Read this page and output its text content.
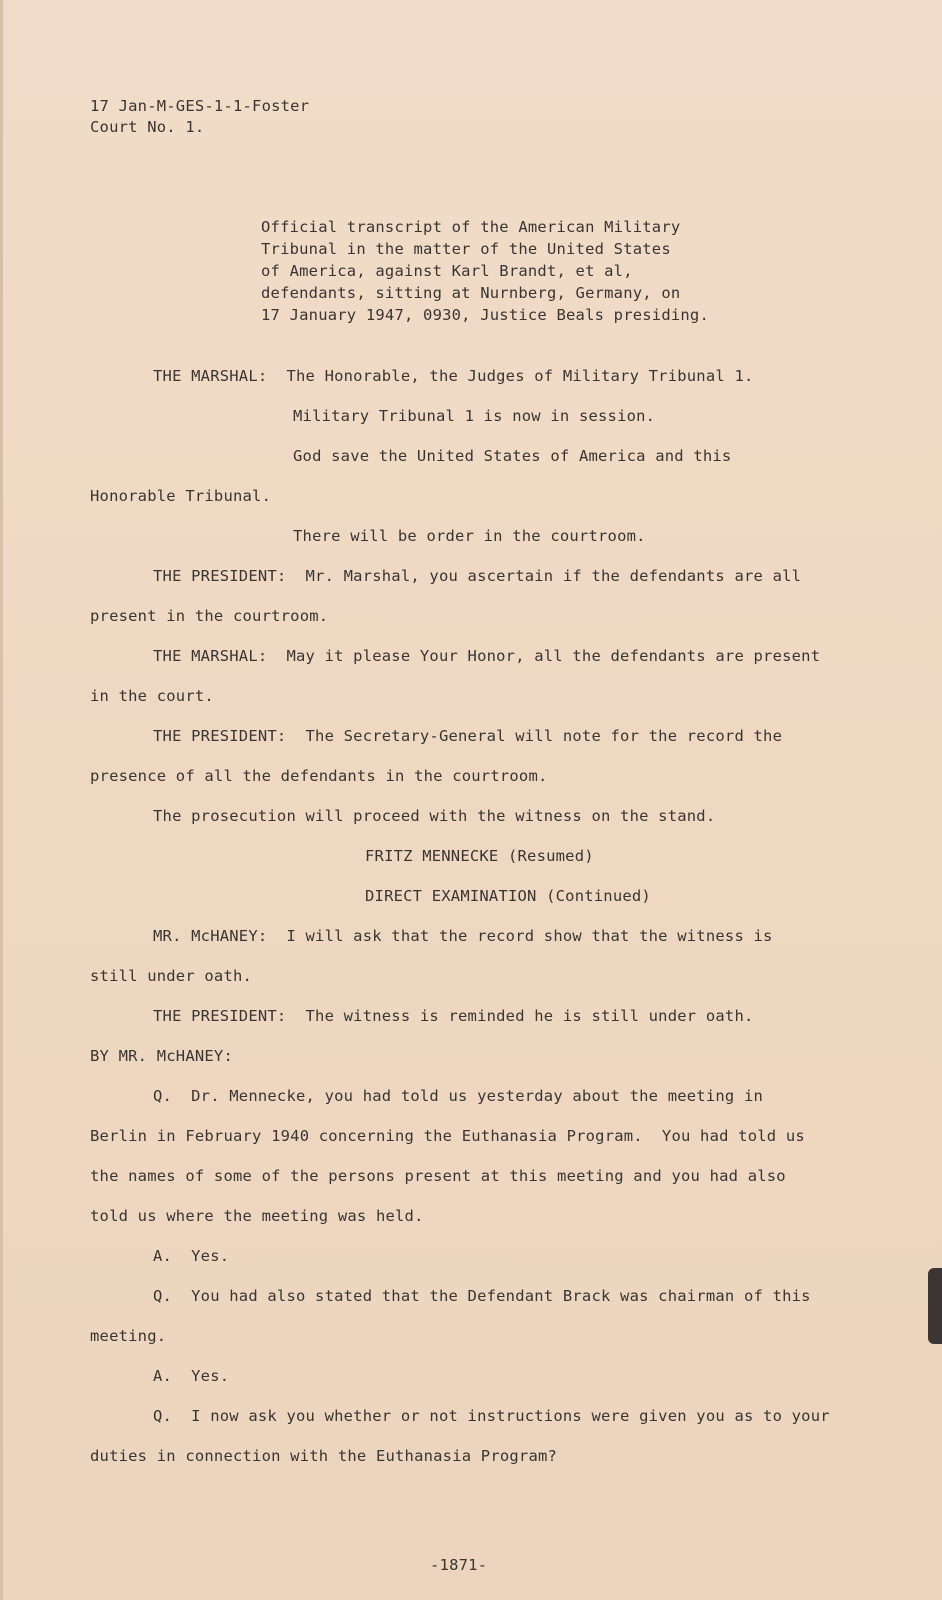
17 Jan-M-GES-1-1-Foster
Court No. 1.
Official transcript of the American Military
Tribunal in the matter of the United States
of America, against Karl Brandt, et al,
defendants, sitting at Nurnberg, Germany, on
17 January 1947, 0930, Justice Beals presiding.
THE MARSHAL:  The Honorable, the Judges of Military Tribunal 1.
Military Tribunal 1 is now in session.
God save the United States of America and this
Honorable Tribunal.
There will be order in the courtroom.
THE PRESIDENT:  Mr. Marshal, you ascertain if the defendants are all
present in the courtroom.
THE MARSHAL:  May it please Your Honor, all the defendants are present
in the court.
THE PRESIDENT:  The Secretary-General will note for the record the
presence of all the defendants in the courtroom.
The prosecution will proceed with the witness on the stand.
FRITZ MENNECKE (Resumed)
DIRECT EXAMINATION (Continued)
MR. McHANEY:  I will ask that the record show that the witness is
still under oath.
THE PRESIDENT:  The witness is reminded he is still under oath.
BY MR. McHANEY:
Q.  Dr. Mennecke, you had told us yesterday about the meeting in
Berlin in February 1940 concerning the Euthanasia Program.  You had told us
the names of some of the persons present at this meeting and you had also
told us where the meeting was held.
A.  Yes.
Q.  You had also stated that the Defendant Brack was chairman of this
meeting.
A.  Yes.
Q.  I now ask you whether or not instructions were given you as to your
duties in connection with the Euthanasia Program?
-1871-
